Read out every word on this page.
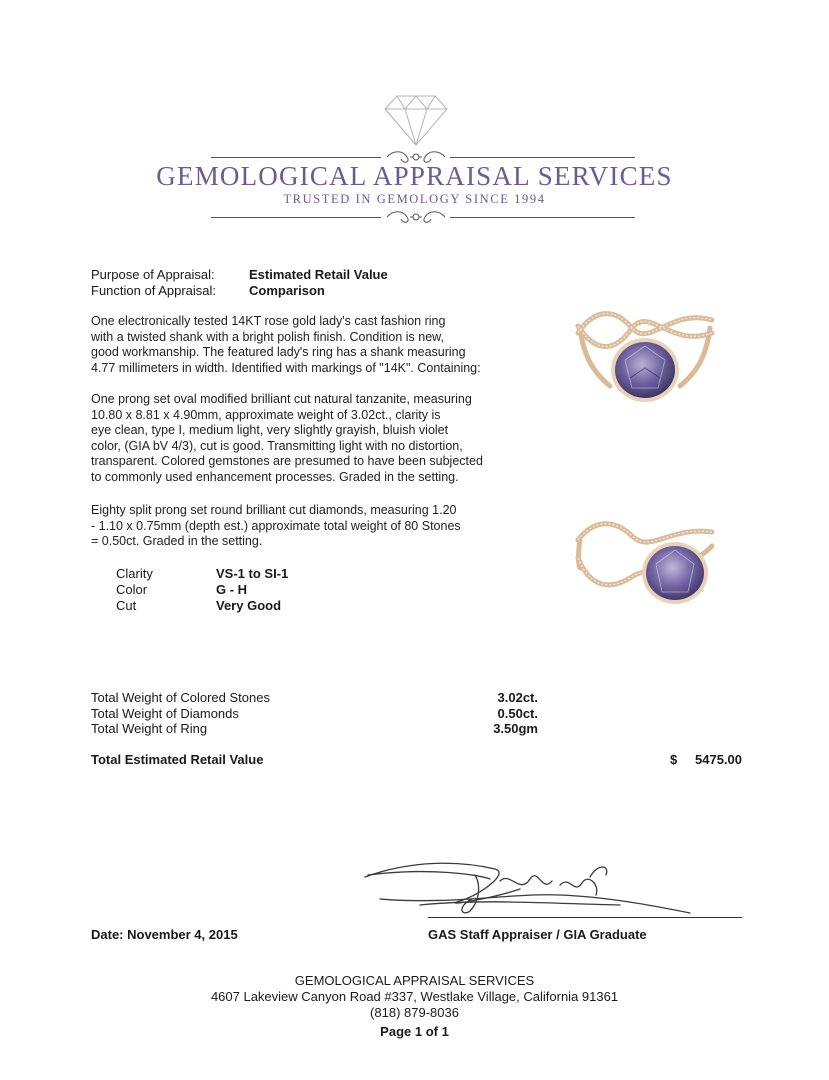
GEMOLOGICAL APPRAISAL SERVICES
TRUSTED IN GEMOLOGY SINCE 1994
Purpose of Appraisal:	Estimated Retail Value
Function of Appraisal:	Comparison
One electronically tested 14KT rose gold lady's cast fashion ring
with a twisted shank with a bright polish finish. Condition is new,
good workmanship. The featured lady's ring has a shank measuring
4.77 millimeters in width. Identified with markings of "14K". Containing:
One prong set oval modified brilliant cut natural tanzanite, measuring
10.80 x 8.81 x 4.90mm, approximate weight of 3.02ct., clarity is
eye clean, type I, medium light, very slightly grayish, bluish violet
color, (GIA bV 4/3), cut is good. Transmitting light with no distortion,
transparent. Colored gemstones are presumed to have been subjected
to commonly used enhancement processes. Graded in the setting.
Eighty split prong set round brilliant cut diamonds, measuring 1.20
- 1.10 x 0.75mm (depth est.) approximate total weight of 80 Stones
= 0.50ct. Graded in the setting.
Clarity	VS-1 to SI-1
Color	G - H
Cut	Very Good
Total Weight of Colored Stones	3.02ct.
Total Weight of Diamonds	0.50ct.
Total Weight of Ring	3.50gm
Total Estimated Retail Value	$ 5475.00
Date: November 4, 2015	GAS Staff Appraiser / GIA Graduate
GEMOLOGICAL APPRAISAL SERVICES
4607 Lakeview Canyon Road #337, Westlake Village, California 91361
(818) 879-8036
Page 1 of 1
